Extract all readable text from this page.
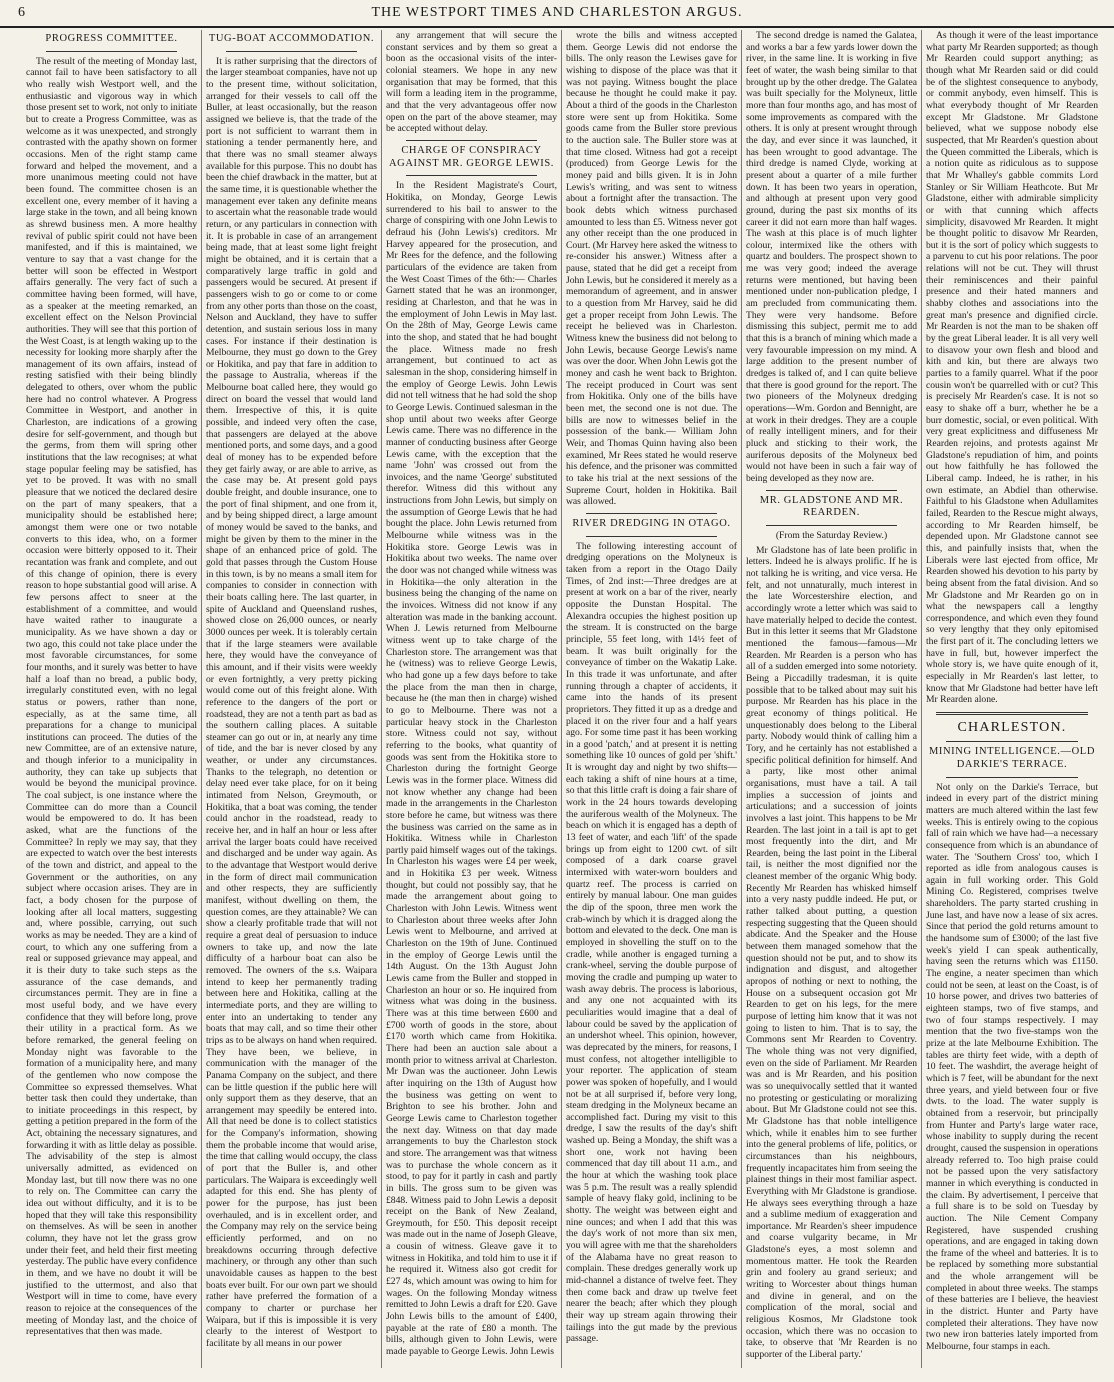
6	THE WESTPORT TIMES AND CHARLESTON ARGUS.

PROGRESS COMMITTEE.

The result of the meeting of Monday last, cannot fail to have been satisfactory to all who really wish Westport well, and the enthusiastic and vigorous way in which those present set to work, not only to initiate but to create a Progress Committee, was as welcome as it was unexpected, and strongly contrasted with the apathy shown on former occasions. Men of the right stamp came forward and helped the movement, and a more unanimous meeting could not have been found. The committee chosen is an excellent one, every member of it having a large stake in the town, and all being known as shrewd business men. A more healthy revival of public spirit could not have been manifested, and if this is maintained, we venture to say that a vast change for the better will soon be effected in Westport affairs generally. The very fact of such a committee having been formed, will have, as a speaker at the meeting remarked, an excellent effect on the Nelson Provincial authorities. They will see that this portion of the West Coast, is at length waking up to the necessity for looking more sharply after the management of its own affairs, instead of resting satisfied with their being blindly delegated to others, over whom the public here had no control whatever. A Progress Committee in Westport, and another in Charleston, are indications of a growing desire for self-government, and though but the germs, from them will spring other institutions that the law recognises; at what stage popular feeling may be satisfied, has yet to be proved. It was with no small pleasure that we noticed the declared desire on the part of many speakers, that a municipality should be established here; amongst them were one or two notable converts to this idea, who, on a former occasion were bitterly opposed to it. Their recantation was frank and complete, and out of this change of opinion, there is every reason to hope substantial good will arise. A few persons affect to sneer at the establishment of a committee, and would have waited rather to inaugurate a municipality. As we have shown a day or two ago, this could not take place under the most favorable circumstances, for some four months, and it surely was better to have half a loaf than no bread, a public body, irregularly constituted even, with no legal status or powers, rather than none, especially, as at the same time, all preparations for a change to municipal institutions can proceed. The duties of the new Committee, are of an extensive nature, and though inferior to a municipality in authority, they can take up subjects that would be beyond the municipal province. The coal subject, is one instance where the Committee can do more than a Council would be empowered to do. It has been asked, what are the functions of the Committee? In reply we may say, that they are expected to watch over the best interests of the town and district, and appeal to the Government or the authorities, on any subject where occasion arises. They are in fact, a body chosen for the purpose of looking after all local matters, suggesting and, where possible, carrying, out such works as may be needed. They are a kind of court, to which any one suffering from a real or supposed grievance may appeal, and it is their duty to take such steps as the assurance of the case demands, and circumstances permit. They are in fine a most useful body, and we have every confidence that they will before long, prove their utility in a practical form. As we before remarked, the general feeling on Monday night was favorable to the formation of a municipality here, and many of the gentlemen who now compose the Committee so expressed themselves. What better task then could they undertake, than to initiate proceedings in this respect, by getting a petition prepared in the form of the Act, obtaining the necessary signatures, and forwarding it with as little delay as possible. The advisability of the step is almost universally admitted, as evidenced on Monday last, but till now there was no one to rely on. The Committee can carry the idea out without difficulty, and it is to be hoped that they will take this responsibility on themselves. As will be seen in another column, they have not let the grass grow under their feet, and held their first meeting yesterday. The public have every confidence in them, and we have no doubt it will be justified to the uttermost, and also that Westport will in time to come, have every reason to rejoice at the consequences of the meeting of Monday last, and the choice of representatives that then was made.

TUG-BOAT ACCOMMODATION.

It is rather surprising that the directors of the larger steamboat companies, have not up to the present time, without solicitation, arranged for their vessels to call off the Buller, at least occasionally, but the reason assigned we believe is, that the trade of the port is not sufficient to warrant them in stationing a tender permanently here, and that there was no small steamer always available for this purpose. This no doubt has been the chief drawback in the matter, but at the same time, it is questionable whether the management ever taken any definite means to ascertain what the reasonable trade would return, or any particulars in connection with it. It is probable in case of an arrangement being made, that at least some light freight might be obtained, and it is certain that a comparatively large traffic in gold and passengers would be secured. At present if passengers wish to go or come to or come from any other ports than those on the coast, Nelson and Auckland, they have to suffer detention, and sustain serious loss in many cases. For instance if their destination is Melbourne, they must go down to the Grey or Hokitika, and pay that fare in addition to the passage to Australia, whereas if the Melbourne boat called here, they would go direct on board the vessel that would land them. Irrespective of this, it is quite possible, and indeed very often the case, that passengers are delayed at the above mentioned ports, and some days, and a good deal of money has to be expended before they get fairly away, or are able to arrive, as the case may be. At present gold pays double freight, and double insurance, one to the port of final shipment, and one from it, and by being shipped direct, a large amount of money would be saved to the banks, and might be given by them to the miner in the shape of an enhanced price of gold. The gold that passes through the Custom House in this town, is by no means a small item for companies to consider in connection with their boats calling here. The last quarter, in spite of Auckland and Queensland rushes, showed close on 26,000 ounces, or nearly 3000 ounces per week. It is tolerably certain that if the large steamers were available here, they would have the conveyance of this amount, and if their visits were weekly or even fortnightly, a very pretty picking would come out of this freight alone. With reference to the dangers of the port or roadstead, they are not a tenth part as bad as the southern calling places. A suitable steamer can go out or in, at nearly any time of tide, and the bar is never closed by any weather, or under any circumstances. Thanks to the telegraph, no detention or delay need ever take place, for on it being intimated from Nelson, Greymouth, or Hokitika, that a boat was coming, the tender could anchor in the roadstead, ready to receive her, and in half an hour or less after arrival the larger boats could have received and discharged and be under way again. As to the advantage that Westport would derive in the form of direct mail communication and other respects, they are sufficiently manifest, without dwelling on them, the question comes, are they attainable? We can show a clearly profitable trade that will not require a great deal of persuasion to induce owners to take up, and now the late difficulty of a harbour boat can also be removed. The owners of the s.s. Waipara intend to keep her permanently trading between here and Hokitika, calling at the intermediate ports, and they are willing to enter into an undertaking to tender any boats that may call, and so time their other trips as to be always on hand when required. They have been, we believe, in communication with the manager of the Panama Company on the subject, and there can be little question if the public here will only support them as they deserve, that an arrangement may speedily be entered into. All that need be done is to collect statistics for the Company's information, showing them the probable income that would arise, the time that calling would occupy, the class of port that the Buller is, and other particulars. The Waipara is exceedingly well adapted for this end. She has plenty of power for the purpose, has just been overhauled, and is in excellent order, and the Company may rely on the service being efficiently performed, and on no breakdowns occurring through defective machinery, or through any other than such unavoidable causes as happen to the best boats ever built. For our own part we should rather have preferred the formation of a company to charter or purchase her Waipara, but if this is impossible it is very clearly to the interest of Westport to facilitate by all means in our power

any arrangement that will secure the constant services and by them so great a boon as the occasional visits of the inter-colonial steamers. We hope in any new organisation that may be formed, that this will form a leading item in the programme, and that the very advantageous offer now open on the part of the above steamer, may be accepted without delay.

CHARGE OF CONSPIRACY AGAINST MR. GEORGE LEWIS.

In the Resident Magistrate's Court, Hokitika, on Monday, George Lewis surrendered to his bail to answer to the charge of conspiring with one John Lewis to defraud his (John Lewis's) creditors. Mr Harvey appeared for the prosecution, and Mr Rees for the defence, and the following particulars of the evidence are taken from the West Coast Times of the 6th:— Charles Garnett stated that he was an ironmonger, residing at Charleston, and that he was in the employment of John Lewis in May last. On the 28th of May, George Lewis came into the shop, and stated that he had bought the place. Witness made no fresh arrangement, but continued to act as salesman in the shop, considering himself in the employ of George Lewis. John Lewis did not tell witness that he had sold the shop to George Lewis. Continued salesman in the shop until about two weeks after George Lewis came. There was no difference in the manner of conducting business after George Lewis came, with the exception that the name 'John' was crossed out from the invoices, and the name 'George' substituted therefor. Witness did this without any instructions from John Lewis, but simply on the assumption of George Lewis that he had bought the place. John Lewis returned from Melbourne while witness was in the Hokitika store. George Lewis was in Hokitika about two weeks. The name over the door was not changed while witness was in Hokitika—the only alteration in the business being the changing of the name on the invoices. Witness did not know if any alteration was made in the banking account. When J. Lewis returned from Melbourne witness went up to take charge of the Charleston store. The arrangement was that he (witness) was to relieve George Lewis, who had gone up a few days before to take the place from the man then in charge, because he (the man then in charge) wished to go to Melbourne. There was not a particular heavy stock in the Charleston store. Witness could not say, without referring to the books, what quantity of goods was sent from the Hokitika store to Charleston during the fortnight George Lewis was in the former place. Witness did not know whether any change had been made in the arrangements in the Charleston store before he came, but witness was there the business was carried on the same as in Hokitika. Witness while in Charleston partly paid himself wages out of the takings. In Charleston his wages were £4 per week, and in Hokitika £3 per week. Witness thought, but could not possibly say, that he made the arrangement about going to Charleston with John Lewis. Witness went to Charleston about three weeks after John Lewis went to Melbourne, and arrived at Charleston on the 19th of June. Continued in the employ of George Lewis until the 14th August. On the 13th August John Lewis came from the Buller and stopped in Charleston an hour or so. He inquired from witness what was doing in the business. There was at this time between £600 and £700 worth of goods in the store, about £170 worth which came from Hokitika. There had been an auction sale about a month prior to witness arrival at Charleston. Mr Dwan was the auctioneer. John Lewis after inquiring on the 13th of August how the business was getting on went to Brighton to see his brother. John and George Lewis came to Charleston together the next day. Witness on that day made arrangements to buy the Charleston stock and store. The arrangement was that witness was to purchase the whole concern as it stood, to pay for it partly in cash and partly in bills. The gross sum to be given was £848. Witness paid to John Lewis a deposit receipt on the Bank of New Zealand, Greymouth, for £50. This deposit receipt was made out in the name of Joseph Gleave, a cousin of witness. Gleave gave it to witness in Hokitika, and told him to use it if he required it. Witness also got credit for £27 4s, which amount was owing to him for wages. On the following Monday witness remitted to John Lewis a draft for £20. Gave John Lewis bills to the amount of £400, payable at the rate of £80 a month. The bills, although given to John Lewis, were made payable to George Lewis. John Lewis

wrote the bills and witness accepted them. George Lewis did not endorse the bills. The only reason the Lewises gave for wishing to dispose of the place was that it was not paying. Witness bought the place because he thought he could make it pay. About a third of the goods in the Charleston store were sent up from Hokitika. Some goods came from the Buller store previous to the auction sale. The Buller store was at that time closed. Witness had got a receipt (produced) from George Lewis for the money paid and bills given. It is in John Lewis's writing, and was sent to witness about a fortnight after the transaction. The book debts which witness purchased amounted to less than £5. Witness never got any other receipt than the one produced in Court. (Mr Harvey here asked the witness to re-consider his answer.) Witness after a pause, stated that he did get a receipt from John Lewis, but he considered it merely as a memorandum of agreement, and in answer to a question from Mr Harvey, said he did get a proper receipt from John Lewis. The receipt he believed was in Charleston. Witness knew the business did not belong to John Lewis, because George Lewis's name was over the door. When John Lewis got the money and cash he went back to Brighton. The receipt produced in Court was sent from Hokitika. Only one of the bills have been met, the second one is not due. The bills are now to witnesses belief in the possession of the bank.— William John Weir, and Thomas Quinn having also been examined, Mr Rees stated he would reserve his defence, and the prisoner was committed to take his trial at the next sessions of the Supreme Court, holden in Hokitika. Bail was allowed.

RIVER DREDGING IN OTAGO.

The following interesting account of dredging operations on the Molyneux is taken from a report in the Otago Daily Times, of 2nd inst:—Three dredges are at present at work on a bar of the river, nearly opposite the Dunstan Hospital. The Alexandra occupies the highest position up the stream. It is constructed on the barge principle, 55 feet long, with 14½ feet of beam. It was built originally for the conveyance of timber on the Wakatip Lake. In this trade it was unfortunate, and after running through a chapter of accidents, it came into the hands of its present proprietors. They fitted it up as a dredge and placed it on the river four and a half years ago. For some time past it has been working in a good 'patch,' and at present it is netting something like 10 ounces of gold per 'shift.' It is wrought day and night by two shifts—each taking a shift of nine hours at a time, so that this little craft is doing a fair share of work in the 24 hours towards developing the auriferous wealth of the Molyneux. The beach on which it is engaged has a depth of 13 feet of water, and each 'lift' of the spade brings up from eight to 1200 cwt. of silt composed of a dark coarse gravel intermixed with water-worn boulders and quartz reef. The process is carried on entirely by manual labour. One man guides the dip of the spoon, three men work the crab-winch by which it is dragged along the bottom and elevated to the deck. One man is employed in shovelling the stuff on to the cradle, while another is engaged turning a crank-wheel, serving the double purpose of moving the cradle and pumping up water to wash away debris. The process is laborious, and any one not acquainted with its peculiarities would imagine that a deal of labour could be saved by the application of an undershot wheel. This opinion, however, was deprecated by the miners, for reasons, I must confess, not altogether intelligible to your reporter. The application of steam power was spoken of hopefully, and I would not be at all surprised if, before very long, steam dredging in the Molyneux became an accomplished fact. During my visit to this dredge, I saw the results of the day's shift washed up. Being a Monday, the shift was a short one, work not having been commenced that day till about 11 a.m., and the hour at which the washing took place was 5 p.m. The result was a really splendid sample of heavy flaky gold, inclining to be shotty. The weight was between eight and nine ounces; and when I add that this was the day's work of not more than six men, you will agree with me that the shareholders of the Alabama have no great reason to complain. These dredges generally work up mid-channel a distance of twelve feet. They then come back and draw up twelve feet nearer the beach; after which they plough their way up stream again throwing their tailings into the gut made by the previous passage.

The second dredge is named the Galatea, and works a bar a few yards lower down the river, in the same line. It is working in five feet of water, the wash being similar to that brought up by the other dredge. The Galatea was built specially for the Molyneux, little more than four months ago, and has most of some improvements as compared with the others. It is only at present wrought through the day, and ever since it was launched, it has been wrought to good advantage. The third dredge is named Clyde, working at present about a quarter of a mile further down. It has been two years in operation, and although at present upon very good ground, during the past six months of its career it did not earn more than half wages. The wash at this place is of much lighter colour, intermixed like the others with quartz and boulders. The prospect shown to me was very good; indeed the average returns were mentioned, but having been mentioned under non-publication pledge, I am precluded from communicating them. They were very handsome. Before dismissing this subject, permit me to add that this is a branch of mining which made a very favourable impression on my mind. A large addition to the present number of dredges is talked of, and I can quite believe that there is good ground for the report. The two pioneers of the Molyneux dredging operations—Wm. Gordon and Bennight, are at work in their dredges. They are a couple of really intelligent miners, and for their pluck and sticking to their work, the auriferous deposits of the Molyneux bed would not have been in such a fair way of being developed as they now are.

MR. GLADSTONE AND MR. REARDEN.

(From the Saturday Review.)

Mr Gladstone has of late been prolific in letters. Indeed he is always prolific. If he is not talking he is writing, and vice versa. He felt, and not unnaturally, much interest in the late Worcestershire election, and accordingly wrote a letter which was said to have materially helped to decide the contest. But in this letter it seems that Mr Gladstone mentioned the famous—famous—Mr Rearden. Mr Rearden is a person who has all of a sudden emerged into some notoriety. Being a Piccadilly tradesman, it is quite possible that to be talked about may suit his purpose. Mr Rearden has his place in the great economy of things political. He unquestionably does belong to the Liberal party. Nobody would think of calling him a Tory, and he certainly has not established a specific political definition for himself. And a party, like most other animal organisations, must have a tail. A tail implies a succession of joints and articulations; and a succession of joints involves a last joint. This happens to be Mr Rearden. The last joint in a tail is apt to get most frequently into the dirt, and Mr Rearden, being the last point in the Liberal tail, is neither the most dignified nor the cleanest member of the organic Whig body. Recently Mr Rearden has whisked himself into a very nasty puddle indeed. He put, or rather talked about putting, a question respecting suggesting that the Queen should abdicate. And the Speaker and the House between them managed somehow that the question should not be put, and to show its indignation and disgust, and altogether apropos of nothing or next to nothing, the House on a subsequent occasion got Mr Rearden to get on his legs, for the mere purpose of letting him know that it was not going to listen to him. That is to say, the Commons sent Mr Rearden to Coventry. The whole thing was not very dignified, even on the side of Parliament. Mr Rearden was and is Mr Rearden, and his position was so unequivocally settled that it wanted no protesting or gesticulating or moralizing about. But Mr Gladstone could not see this. Mr Gladstone has that noble intelligence which, while it enables him to see further into the general problems of life, politics, or circumstances than his neighbours, frequently incapacitates him from seeing the plainest things in their most familiar aspect. Everything with Mr Gladstone is grandiose. He always sees everything through a haze and a sublime medium of exaggeration and importance. Mr Rearden's sheer impudence and coarse vulgarity became, in Mr Gladstone's eyes, a most solemn and momentous matter. He took the Rearden grin and foolery au grand serieux; and writing to Worcester about things human and divine in general, and on the complication of the moral, social and religious Kosmos, Mr Gladstone took occasion, which there was no occasion to take, to observe that 'Mr Rearden is no supporter of the Liberal party.'

As though it were of the least importance what party Mr Rearden supported; as though Mr Rearden could support anything; as though what Mr Rearden said or did could be of the slightest consequence to anybody, or commit anybody, even himself. This is what everybody thought of Mr Rearden except Mr Gladstone. Mr Gladstone believed, what we suppose nobody else suspected, that Mr Rearden's question about the Queen committed the Liberals, which is a notion quite as ridiculous as to suppose that Mr Whalley's gabble commits Lord Stanley or Sir William Heathcote. But Mr Gladstone, either with admirable simplicity or with that cunning which affects simplicity, disavowed Mr Rearden. It might be thought politic to disavow Mr Rearden, but it is the sort of policy which suggests to a parvenu to cut his poor relations. The poor relations will not be cut. They will thrust their reminiscences and their painful presence and their hated manners and shabby clothes and associations into the great man's presence and dignified circle. Mr Rearden is not the man to be shaken off by the great Liberal leader. It is all very well to disavow your own flesh and blood and kith and kin, but there are always two parties to a family quarrel. What if the poor cousin won't be quarrelled with or cut? This is precisely Mr Rearden's case. It is not so easy to shake off a burr, whether he be a burr domestic, social, or even political. With very great explicitness and diffuseness Mr Rearden rejoins, and protests against Mr Gladstone's repudiation of him, and points out how faithfully he has followed the Liberal camp. Indeed, he is rather, in his own estimate, an Abdiel than otherwise. Faithful to his Gladstone when Adullamites failed, Rearden to the Rescue might always, according to Mr Rearden himself, be depended upon. Mr Gladstone cannot see this, and painfully insists that, when the Liberals were last ejected from office, Mr Rearden showed his devotion to his party by being absent from the fatal division. And so Mr Gladstone and Mr Rearden go on in what the newspapers call a lengthy correspondence, and which even they found so very lengthy that they only epitomised the first part of it. The concluding letters we have in full, but, however imperfect the whole story is, we have quite enough of it, especially in Mr Rearden's last letter, to know that Mr Gladstone had better have left Mr Rearden alone.

CHARLESTON.

MINING INTELLIGENCE.—OLD DARKIE'S TERRACE.

Not only on the Darkie's Terrace, but indeed in every part of the district mining matters are much altered within the last few weeks. This is entirely owing to the copious fall of rain which we have had—a necessary consequence from which is an abundance of water. The 'Southern Cross' too, which I reported as idle from analogous causes is again in full working order. This Gold Mining Co. Registered, comprises twelve shareholders. The party started crushing in June last, and have now a lease of six acres. Since that period the gold returns amount to the handsome sum of £3000; of the last five week's yield I can speak authentically, having seen the returns which was £1150. The engine, a neater specimen than which could not be seen, at least on the Coast, is of 10 horse power, and drives two batteries of eighteen stamps, two of five stamps, and two of four stamps respectively. I may mention that the two five-stamps won the prize at the late Melbourne Exhibition. The tables are thirty feet wide, with a depth of 10 feet. The washdirt, the average height of which is 7 feet, will be abundant for the next three years, and yield between four or five dwts. to the load. The water supply is obtained from a reservoir, but principally from Hunter and Party's large water race, whose inability to supply during the recent drought, caused the suspension in operations already referred to. Too high praise could not be passed upon the very satisfactory manner in which everything is conducted in the claim. By advertisement, I perceive that a full share is to be sold on Tuesday by auction. The Nile Cement Company Registered, have suspended crushing operations, and are engaged in taking down the frame of the wheel and batteries. It is to be replaced by something more substantial and the whole arrangement will be completed in about three weeks. The stamps of these batteries are I believe, the heaviest in the district. Hunter and Party have completed their alterations. They have now two new iron batteries lately imported from Melbourne, four stamps in each.
